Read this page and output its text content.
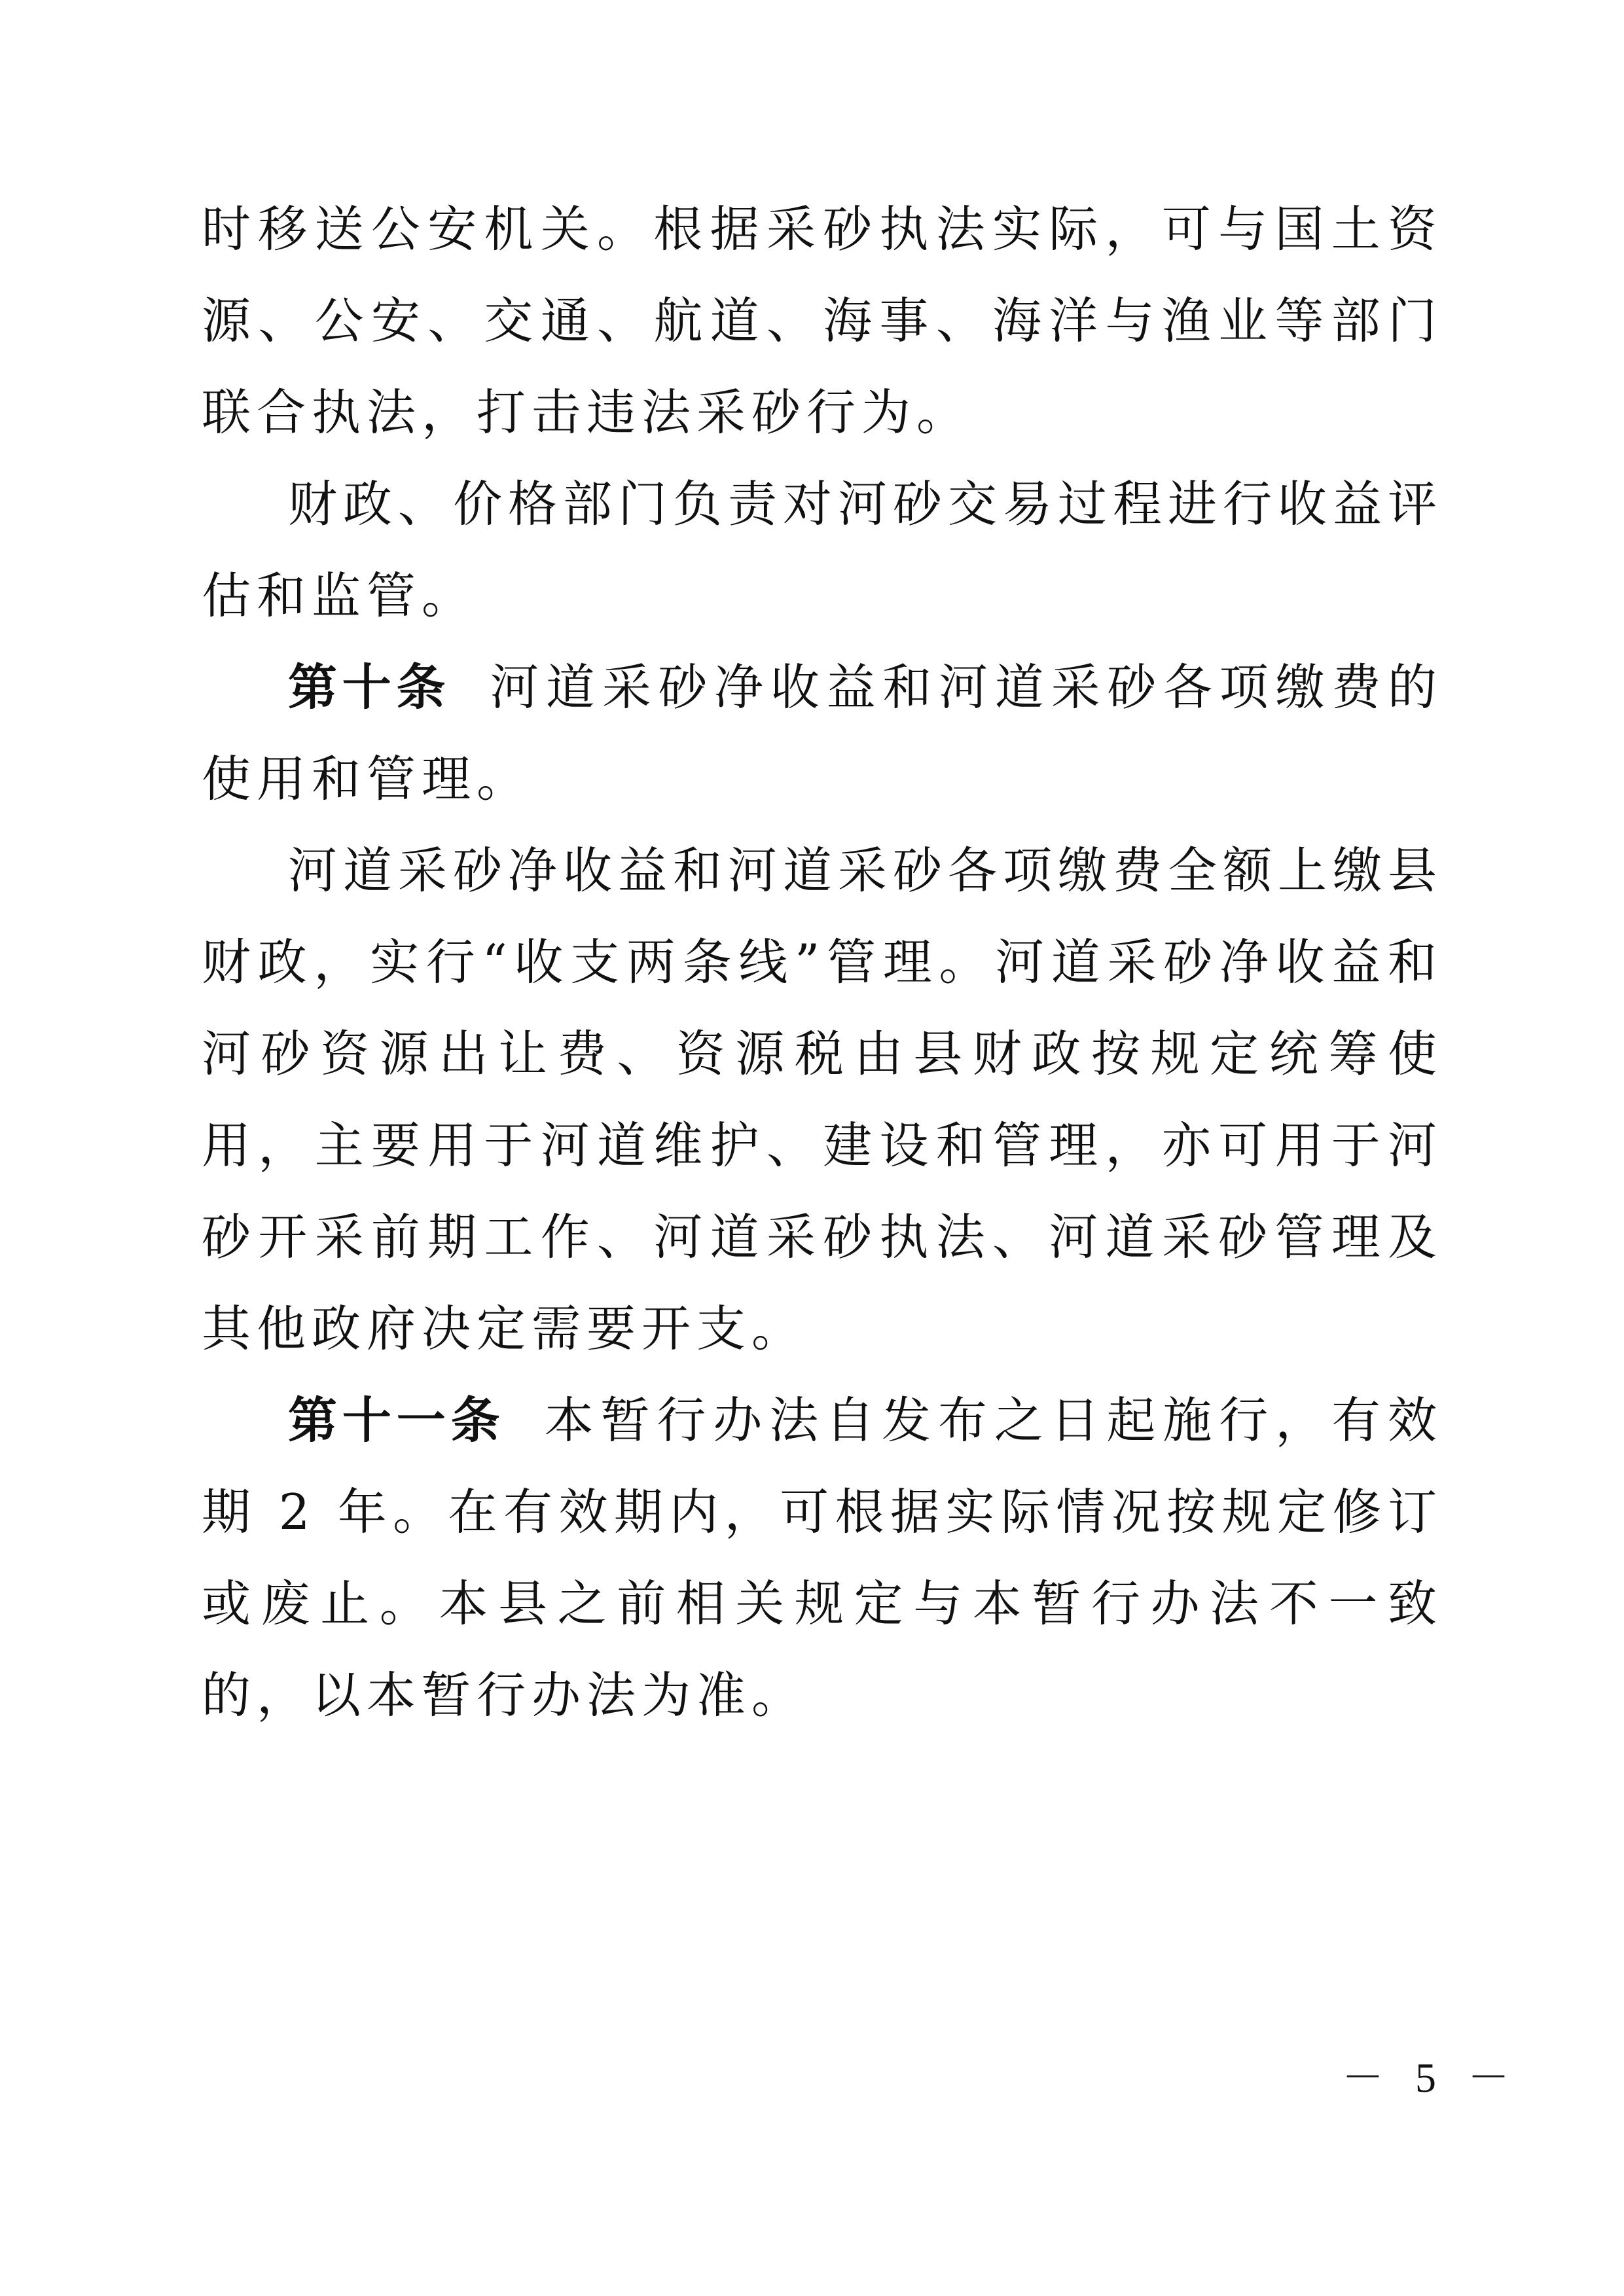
时移送公安机关。根据采砂执法实际，可与国土资源、公安、交通、航道、海事、海洋与渔业等部门联合执法，打击违法采砂行为。

财政、价格部门负责对河砂交易过程进行收益评估和监管。

第十条 河道采砂净收益和河道采砂各项缴费的使用和管理。

河道采砂净收益和河道采砂各项缴费全额上缴县财政，实行“收支两条线”管理。河道采砂净收益和河砂资源出让费、资源税由县财政按规定统筹使用，主要用于河道维护、建设和管理，亦可用于河砂开采前期工作、河道采砂执法、河道采砂管理及其他政府决定需要开支。

第十一条 本暂行办法自发布之日起施行，有效期 2 年。在有效期内，可根据实际情况按规定修订或废止。本县之前相关规定与本暂行办法不一致的，以本暂行办法为准。

－ 5 －
